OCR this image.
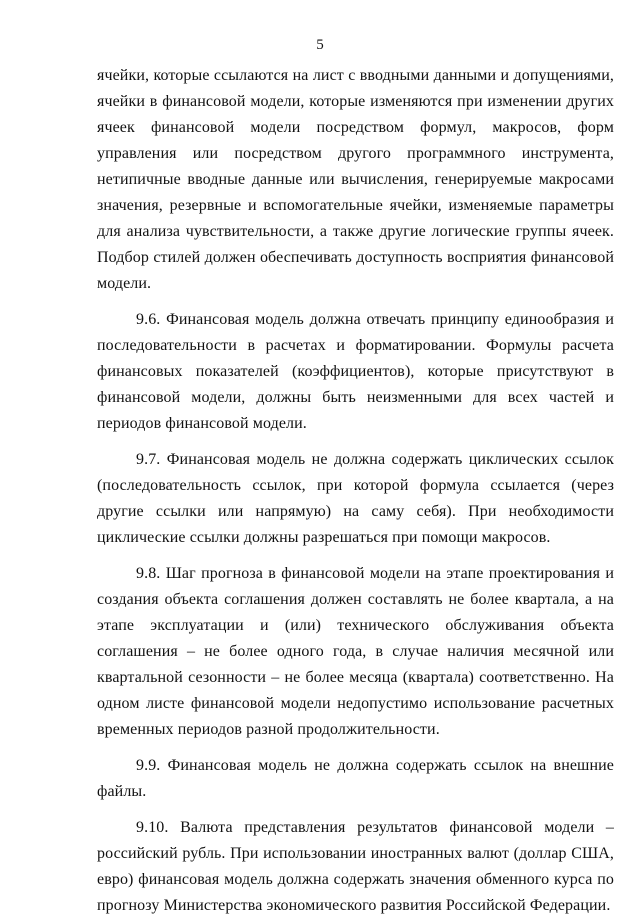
5

ячейки, которые ссылаются на лист с вводными данными и допущениями, ячейки в финансовой модели, которые изменяются при изменении других ячеек финансовой модели посредством формул, макросов, форм управления или посредством другого программного инструмента, нетипичные вводные данные или вычисления, генерируемые макросами значения, резервные и вспомогательные ячейки, изменяемые параметры для анализа чувствительности, а также другие логические группы ячеек. Подбор стилей должен обеспечивать доступность восприятия финансовой модели.

9.6. Финансовая модель должна отвечать принципу единообразия и последовательности в расчетах и форматировании. Формулы расчета финансовых показателей (коэффициентов), которые присутствуют в финансовой модели, должны быть неизменными для всех частей и периодов финансовой модели.

9.7. Финансовая модель не должна содержать циклических ссылок (последовательность ссылок, при которой формула ссылается (через другие ссылки или напрямую) на саму себя). При необходимости циклические ссылки должны разрешаться при помощи макросов.

9.8. Шаг прогноза в финансовой модели на этапе проектирования и создания объекта соглашения должен составлять не более квартала, а на этапе эксплуатации и (или) технического обслуживания объекта соглашения – не более одного года, в случае наличия месячной или квартальной сезонности – не более месяца (квартала) соответственно. На одном листе финансовой модели недопустимо использование расчетных временных периодов разной продолжительности.

9.9. Финансовая модель не должна содержать ссылок на внешние файлы.

9.10. Валюта представления результатов финансовой модели – российский рубль. При использовании иностранных валют (доллар США, евро) финансовая модель должна содержать значения обменного курса по прогнозу Министерства экономического развития Российской Федерации.
